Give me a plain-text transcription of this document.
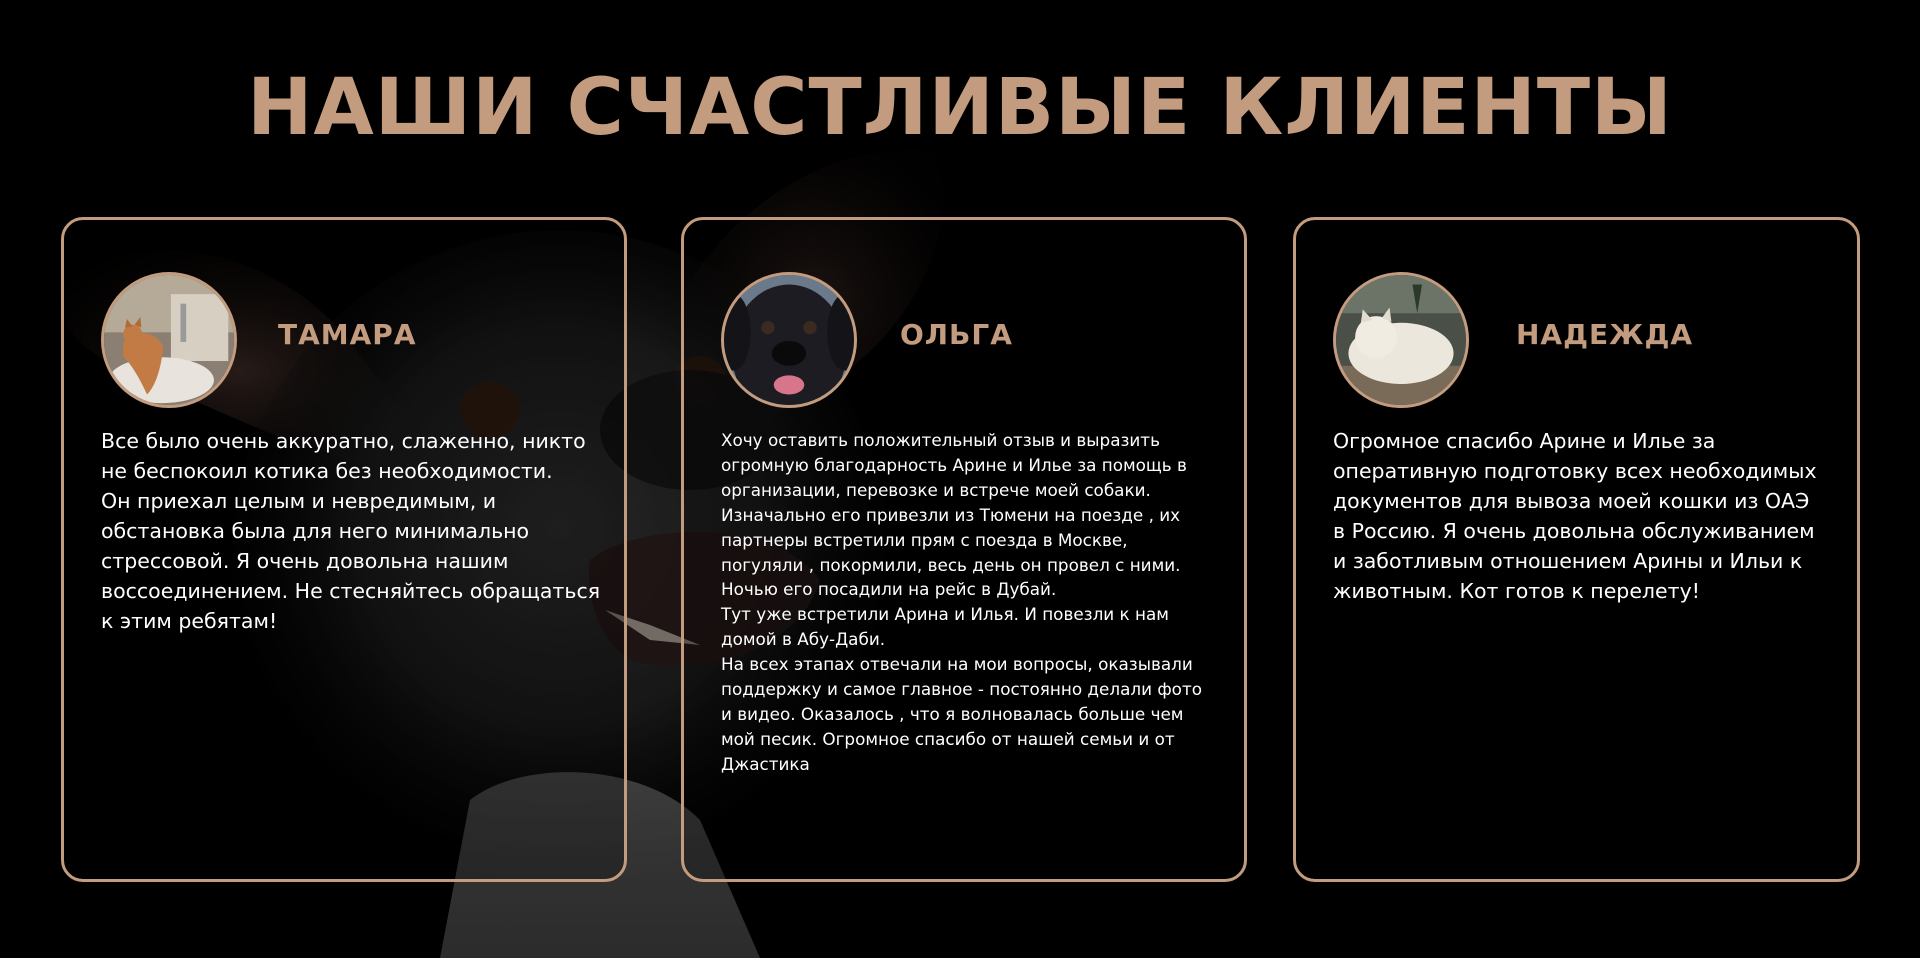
НАШИ СЧАСТЛИВЫЕ КЛИЕНТЫ
ТАМАРА

Все было очень аккуратно, слаженно, никто
не беспокоил котика без необходимости.
Он приехал целым и невредимым, и
обстановка была для него минимально
стрессовой. Я очень довольна нашим
воссоединением. Не стесняйтесь обращаться
к этим ребятам!

ОЛЬГА

Хочу оставить положительный отзыв и выразить
огромную благодарность Арине и Илье за помощь в
организации, перевозке и встрече моей собаки.
Изначально его привезли из Тюмени на поезде , их
партнеры встретили прям с поезда в Москве,
погуляли , покормили, весь день он провел с ними.
Ночью его посадили на рейс в Дубай.
Тут уже встретили Арина и Илья. И повезли к нам
домой в Абу-Даби.
На всех этапах отвечали на мои вопросы, оказывали
поддержку и самое главное - постоянно делали фото
и видео. Оказалось , что я волновалась больше чем
мой песик. Огромное спасибо от нашей семьи и от
Джастика

НАДЕЖДА

Огромное спасибо Арине и Илье за
оперативную подготовку всех необходимых
документов для вывоза моей кошки из ОАЭ
в Россию. Я очень довольна обслуживанием
и заботливым отношением Арины и Ильи к
животным. Кот готов к перелету!
